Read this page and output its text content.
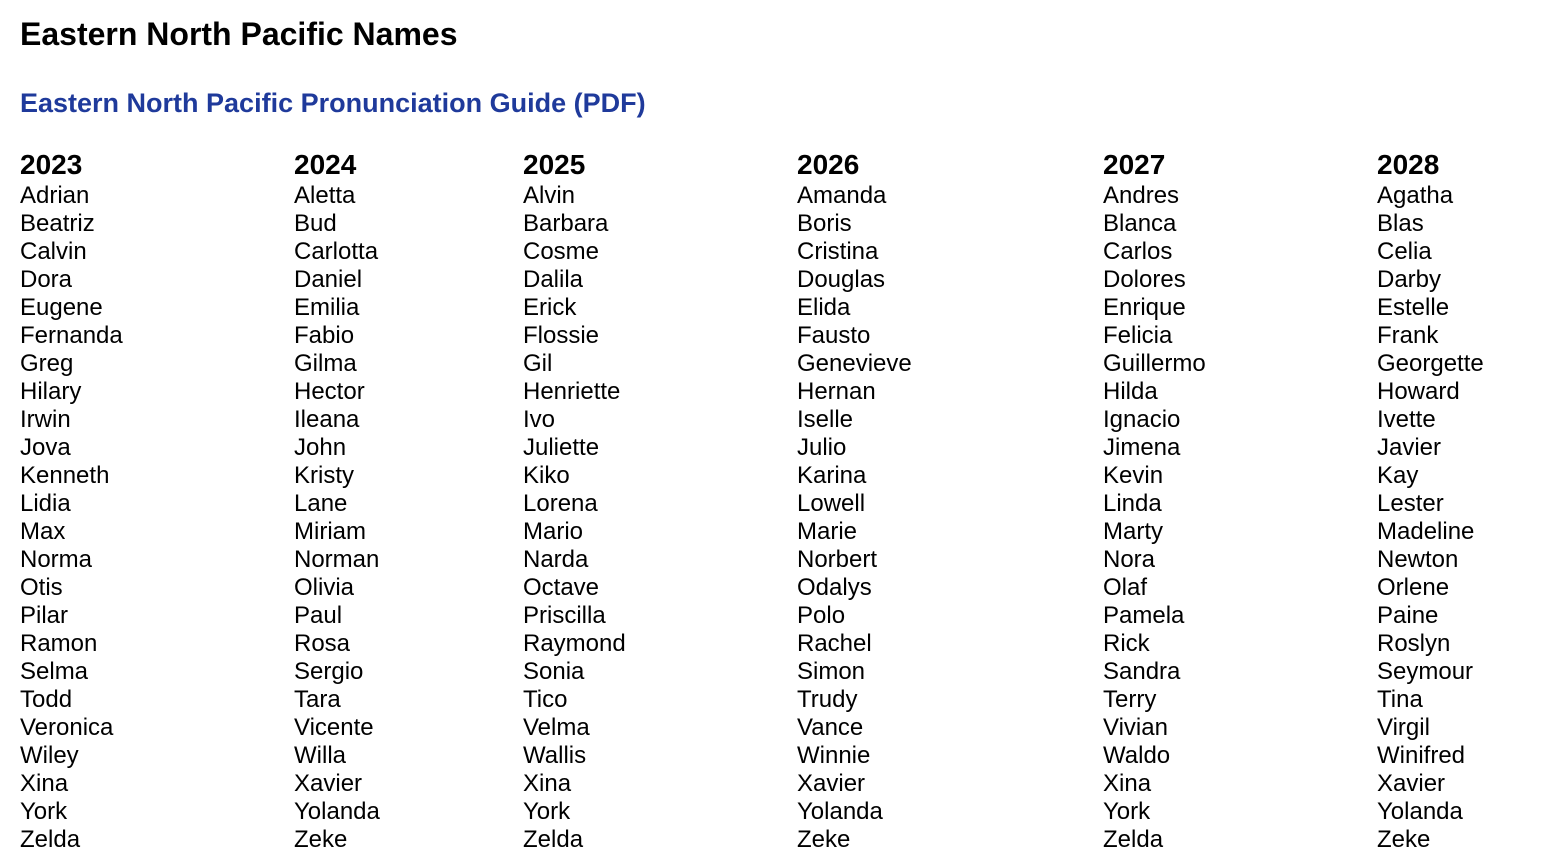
Eastern North Pacific Names
Eastern North Pacific Pronunciation Guide (PDF)
2023
Adrian
Beatriz
Calvin
Dora
Eugene
Fernanda
Greg
Hilary
Irwin
Jova
Kenneth
Lidia
Max
Norma
Otis
Pilar
Ramon
Selma
Todd
Veronica
Wiley
Xina
York
Zelda
2024
Aletta
Bud
Carlotta
Daniel
Emilia
Fabio
Gilma
Hector
Ileana
John
Kristy
Lane
Miriam
Norman
Olivia
Paul
Rosa
Sergio
Tara
Vicente
Willa
Xavier
Yolanda
Zeke
2025
Alvin
Barbara
Cosme
Dalila
Erick
Flossie
Gil
Henriette
Ivo
Juliette
Kiko
Lorena
Mario
Narda
Octave
Priscilla
Raymond
Sonia
Tico
Velma
Wallis
Xina
York
Zelda
2026
Amanda
Boris
Cristina
Douglas
Elida
Fausto
Genevieve
Hernan
Iselle
Julio
Karina
Lowell
Marie
Norbert
Odalys
Polo
Rachel
Simon
Trudy
Vance
Winnie
Xavier
Yolanda
Zeke
2027
Andres
Blanca
Carlos
Dolores
Enrique
Felicia
Guillermo
Hilda
Ignacio
Jimena
Kevin
Linda
Marty
Nora
Olaf
Pamela
Rick
Sandra
Terry
Vivian
Waldo
Xina
York
Zelda
2028
Agatha
Blas
Celia
Darby
Estelle
Frank
Georgette
Howard
Ivette
Javier
Kay
Lester
Madeline
Newton
Orlene
Paine
Roslyn
Seymour
Tina
Virgil
Winifred
Xavier
Yolanda
Zeke
